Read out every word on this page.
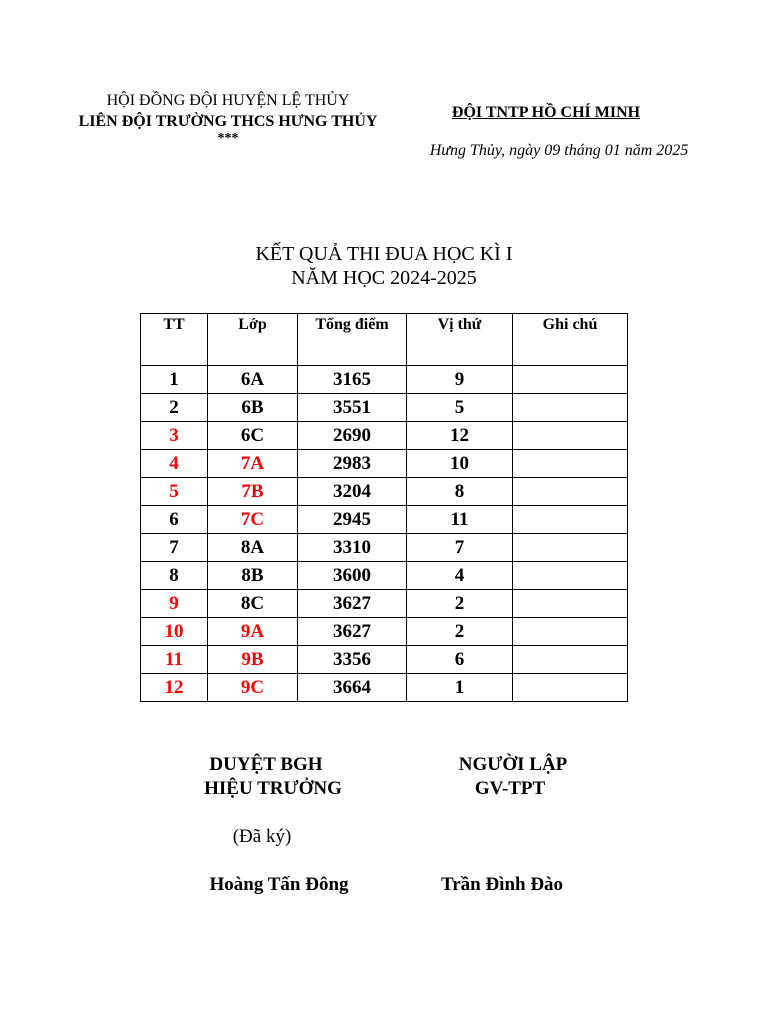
HỘI ĐỒNG ĐỘI HUYỆN LỆ THỦY
LIÊN ĐỘI TRƯỜNG THCS HƯNG THỦY
***
ĐỘI TNTP HỒ CHÍ MINH
Hưng Thủy, ngày 09 tháng 01 năm 2025
KẾT QUẢ THI ĐUA HỌC KÌ I
NĂM HỌC 2024-2025
TT	Lớp	Tổng điểm	Vị thứ	Ghi chú
1	6A	3165	9	
2	6B	3551	5	
3	6C	2690	12	
4	7A	2983	10	
5	7B	3204	8	
6	7C	2945	11	
7	8A	3310	7	
8	8B	3600	4	
9	8C	3627	2	
10	9A	3627	2	
11	9B	3356	6	
12	9C	3664	1	
DUYỆT BGH
HIỆU TRƯỞNG
(Đã ký)
Hoàng Tấn Đông
NGƯỜI LẬP
GV-TPT
Trần Đình Đào
